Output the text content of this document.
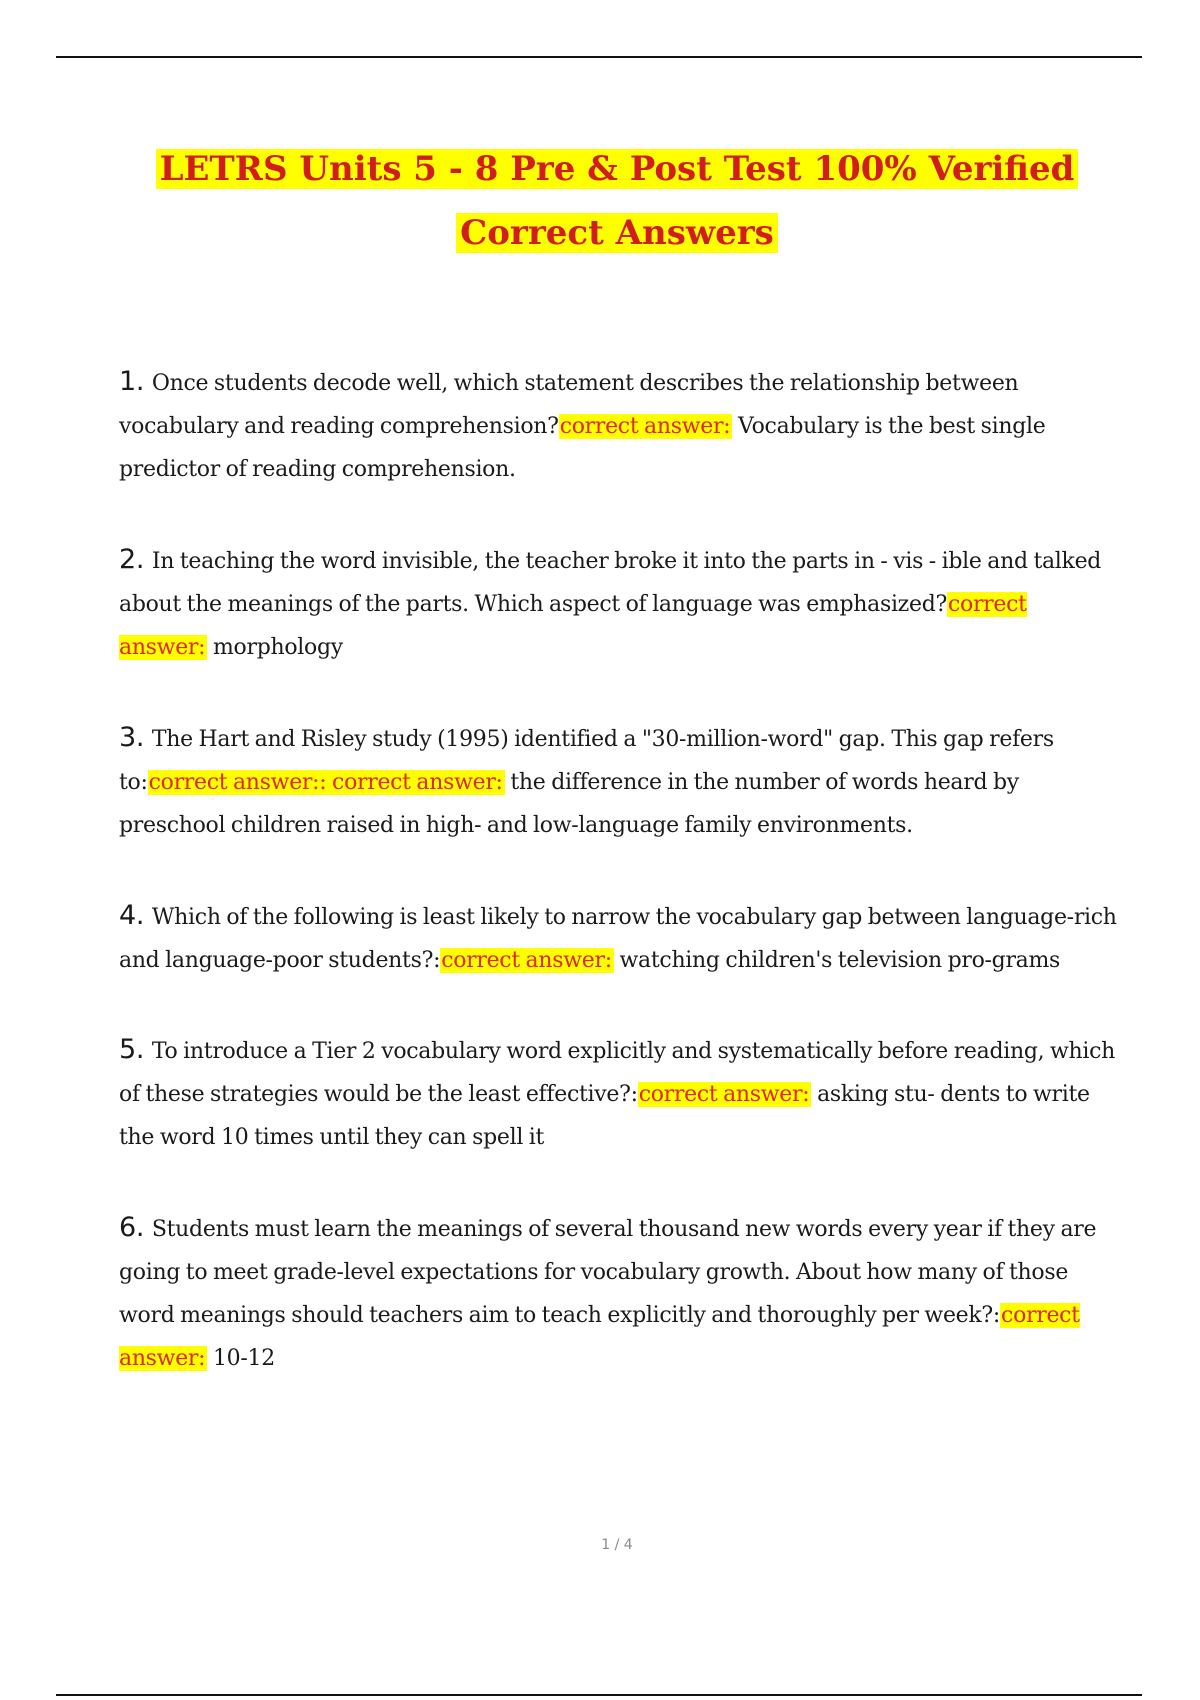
LETRS Units 5 - 8 Pre & Post Test 100% Verified
Correct Answers
1. Once students decode well, which statement describes the relationship between vocabulary and reading comprehension?correct answer: Vocabulary is the best single predictor of reading comprehension.
2. In teaching the word invisible, the teacher broke it into the parts in - vis - ible and talked about the meanings of the parts. Which aspect of language was emphasized?correct answer: morphology
3. The Hart and Risley study (1995) identified a "30-million-word" gap. This gap refers to:correct answer:: correct answer: the difference in the number of words heard by preschool children raised in high- and low-language family environments.
4. Which of the following is least likely to narrow the vocabulary gap between language-rich and language-poor students?:correct answer: watching children's television pro-grams
5. To introduce a Tier 2 vocabulary word explicitly and systematically before reading, which of these strategies would be the least effective?:correct answer: asking stu- dents to write the word 10 times until they can spell it
6. Students must learn the meanings of several thousand new words every year if they are going to meet grade-level expectations for vocabulary growth. About how many of those word meanings should teachers aim to teach explicitly and thoroughly per week?:correct answer: 10-12
1 / 4
